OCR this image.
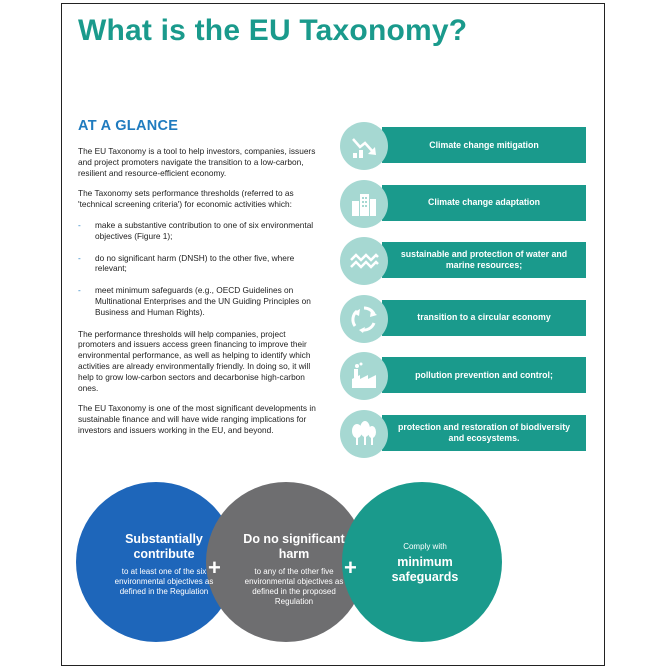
What is the EU Taxonomy?
AT A GLANCE

The EU Taxonomy is a tool to help investors, companies, issuers and project promoters navigate the transition to a low-carbon, resilient and resource-efficient economy.

The Taxonomy sets performance thresholds (referred to as 'technical screening criteria') for economic activities which:

- make a substantive contribution to one of six environmental objectives (Figure 1);
- do no significant harm (DNSH) to the other five, where relevant;
- meet minimum safeguards (e.g., OECD Guidelines on Multinational Enterprises and the UN Guiding Principles on Business and Human Rights).

The performance thresholds will help companies, project promoters and issuers access green financing to improve their environmental performance, as well as helping to identify which activities are already environmentally friendly. In doing so, it will help to grow low-carbon sectors and decarbonise high-carbon ones.

The EU Taxonomy is one of the most significant developments in sustainable finance and will have wide ranging implications for investors and issuers working in the EU, and beyond.

Climate change mitigation
Climate change adaptation
sustainable and protection of water and marine resources;
transition to a circular economy
pollution prevention and control;
protection and restoration of biodiversity and ecosystems.
Substantially contribute
to at least one of the six environmental objectives as defined in the Regulation
Do no significant harm
to any of the other five environmental objectives as defined in the proposed Regulation
Comply with
minimum safeguards
+	+
